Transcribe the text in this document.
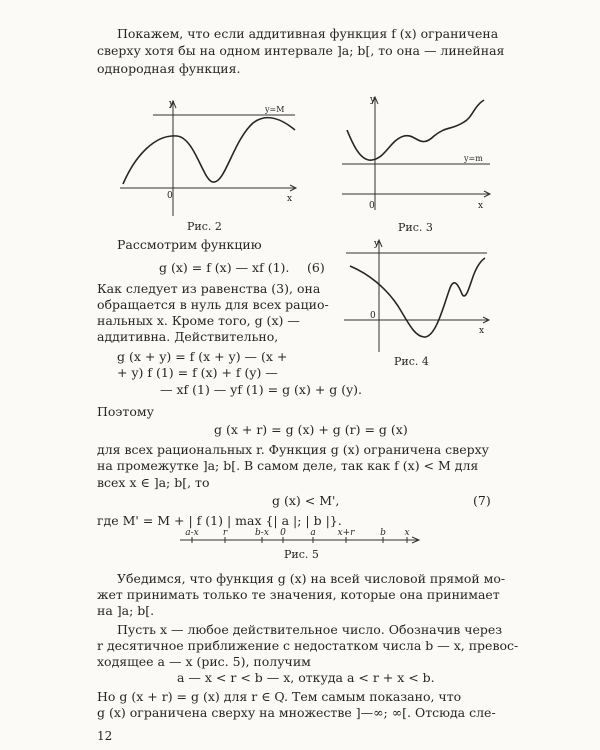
Покажем, что если аддитивная функция f (x) ограничена
сверху хотя бы на одном интервале ]a; b[, то она — линейная
однородная функция.
y
x
0
y=M
Рис. 2
y
x
0
y=m
Рис. 3
Рассмотрим функцию
g (x) = f (x) — xf (1). (6)
Как следует из равенства (3), она
обращается в нуль для всех рацио-
нальных x. Кроме того, g (x) —
аддитивна. Действительно,
g (x + y) = f (x + y) — (x +
+ y) f (1) = f (x) + f (y) —
— xf (1) — yf (1) = g (x) + g (y).
y
x
0
Рис. 4
Поэтому
g (x + r) = g (x) + g (r) = g (x)
для всех рациональных r. Функция g (x) ограничена сверху
на промежутке ]a; b[. В самом деле, так как f (x) < M для
всех x ∈ ]a; b[, то
g (x) < M',	(7)
где M' = M + | f (1) | max {| a |; | b |}.
a-x	r	b-x 0	a x+r	b x
Рис. 5
Убедимся, что функция g (x) на всей числовой прямой мо-
жет принимать только те значения, которые она принимает
на ]a; b[.
Пусть x — любое действительное число. Обозначив через
r десятичное приближение с недостатком числа b — x, превос-
ходящее a — x (рис. 5), получим
a — x < r < b — x, откуда a < r + x < b.
Но g (x + r) = g (x) для r ∈ Q. Тем самым показано, что
g (x) ограничена сверху на множестве ]—∞; ∞[. Отсюда сле-
12
